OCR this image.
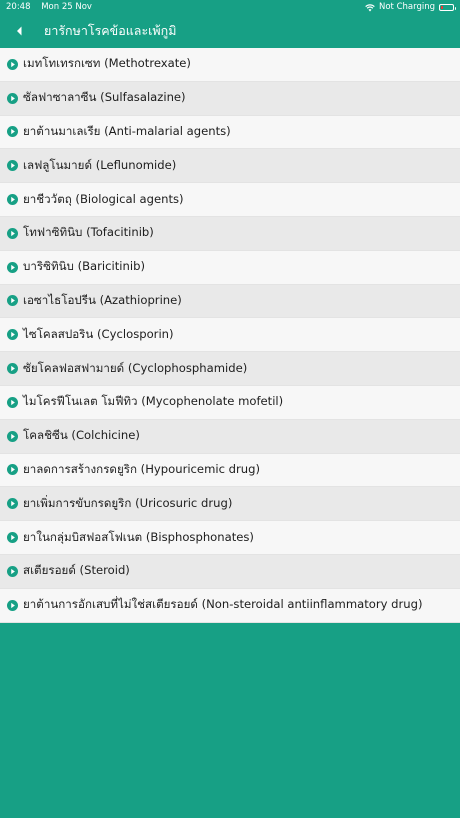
20:48 Mon 25 Nov	Not Charging
ยารักษาโรคข้อและเพ้กูมิ
เมทโทเทรกเซท (Methotrexate)
ซัลฟาซาลาซีน (Sulfasalazine)
ยาต้านมาเลเรีย (Anti-malarial agents)
เลฟลูโนมายด์ (Leflunomide)
ยาชีววัตถุ (Biological agents)
โทฟาซิทินิบ (Tofacitinib)
บาริซิทินิบ (Baricitinib)
เอซาไธโอปรีน (Azathioprine)
ไซโคลสปอริน (Cyclosporin)
ซัยโคลฟอสฟามายด์ (Cyclophosphamide)
ไมโครฟีโนเลต โมฟีทิว (Mycophenolate mofetil)
โคลชิซีน (Colchicine)
ยาลดการสร้างกรดยูริก (Hypouricemic drug)
ยาเพิ่มการขับกรดยูริก (Uricosuric drug)
ยาในกลุ่มบิสฟอสโฟเนต (Bisphosphonates)
สเตียรอยด์ (Steroid)
ยาต้านการอักเสบที่ไม่ใช่สเตียรอยด์ (Non-steroidal antiinflammatory drug)
